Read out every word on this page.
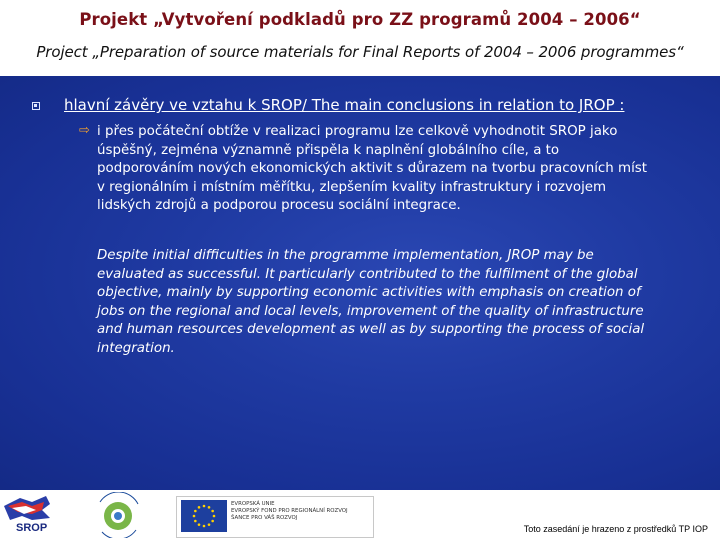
Projekt „Vytvoření podkladů pro ZZ programů 2004 – 2006“
Project „Preparation of source materials for Final Reports of 2004 – 2006 programmes“
hlavní závěry ve vztahu k SROP/ The main conclusions in relation to JROP :
⇨ i přes počáteční obtíže v realizaci programu lze celkově vyhodnotit SROP jako
úspěšný, zejména významně přispěla k naplnění globálního cíle, a to
podporováním nových ekonomických aktivit s důrazem na tvorbu pracovních míst
v regionálním i místním měřítku, zlepšením kvality infrastruktury i rozvojem
lidských zdrojů a podporou procesu sociální integrace.
Despite initial difficulties in the programme implementation, JROP may be
evaluated as successful. It particularly contributed to the fulfilment of the global
objective, mainly by supporting economic activities with emphasis on creation of
jobs on the regional and local levels, improvement of the quality of infrastructure
and human resources development as well as by supporting the process of social
integration.
SROP
EVROPSKÁ UNIE
EVROPSKÝ FOND PRO REGIONÁLNÍ ROZVOJ
ŠANCE PRO VÁŠ ROZVOJ
Toto zasedání je hrazeno z prostředků TP IOP
